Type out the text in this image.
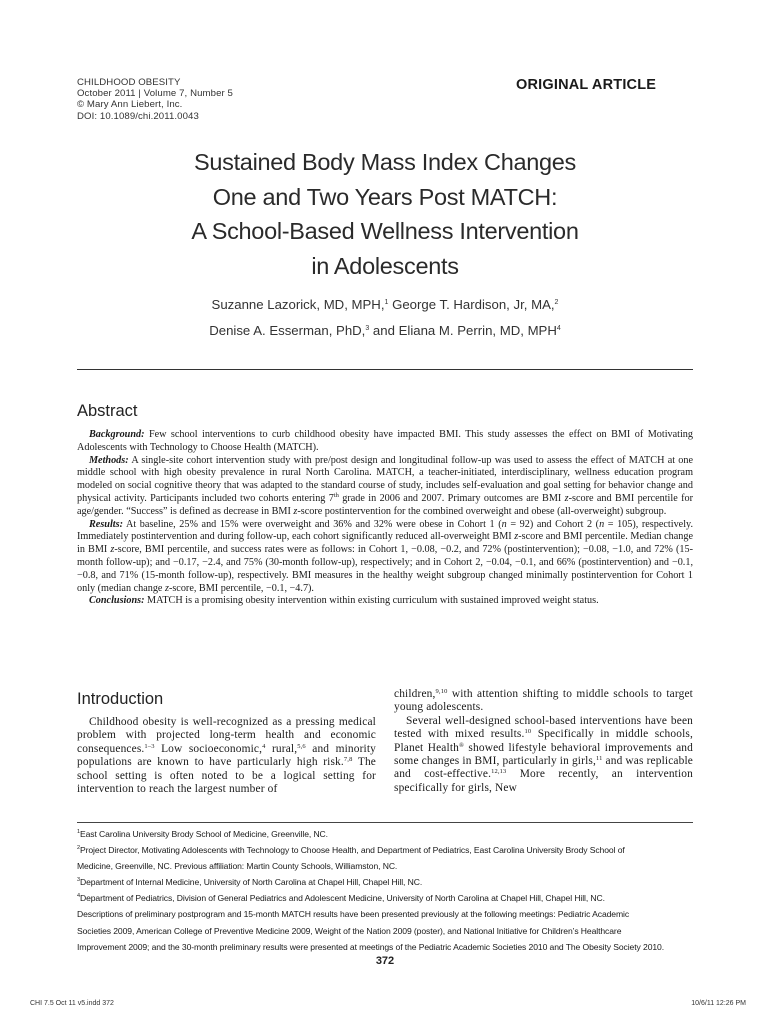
CHILDHOOD OBESITY
October 2011 | Volume 7, Number 5
© Mary Ann Liebert, Inc.
DOI: 10.1089/chi.2011.0043
ORIGINAL ARTICLE
Sustained Body Mass Index Changes
One and Two Years Post MATCH:
A School-Based Wellness Intervention
in Adolescents
Suzanne Lazorick, MD, MPH,$^1$ George T. Hardison, Jr, MA,$^2$
Denise A. Esserman, PhD,$^3$ and Eliana M. Perrin, MD, MPH$^4$
Abstract

Background: Few school interventions to curb childhood obesity have impacted BMI. This study assesses the effect on BMI of Motivating Adolescents with Technology to Choose Health (MATCH).

Methods: A single-site cohort intervention study with pre/post design and longitudinal follow-up was used to assess the effect of MATCH at one middle school with high obesity prevalence in rural North Carolina. MATCH, a teacher-initiated, interdisciplinary, wellness education program modeled on social cognitive theory that was adapted to the standard course of study, includes self-evaluation and goal setting for behavior change and physical activity. Participants included two cohorts entering 7th grade in 2006 and 2007. Primary outcomes are BMI z-score and BMI percentile for age/gender. “Success” is defined as decrease in BMI z-score postintervention for the combined overweight and obese (all-overweight) subgroup.

Results: At baseline, 25% and 15% were overweight and 36% and 32% were obese in Cohort 1 (n = 92) and Cohort 2 (n = 105), respectively. Immediately postintervention and during follow-up, each cohort significantly reduced all-overweight BMI z-score and BMI percentile. Median change in BMI z-score, BMI percentile, and success rates were as follows: in Cohort 1, −0.08, −0.2, and 72% (postintervention); −0.08, −1.0, and 72% (15-month follow-up); and −0.17, −2.4, and 75% (30-month follow-up), respectively; and in Cohort 2, −0.04, −0.1, and 66% (postintervention) and −0.1, −0.8, and 71% (15-month follow-up), respectively. BMI measures in the healthy weight subgroup changed minimally postintervention for Cohort 1 only (median change z-score, BMI percentile, −0.1, −4.7).

Conclusions: MATCH is a promising obesity intervention within existing curriculum with sustained improved weight status.

Introduction

Childhood obesity is well-recognized as a pressing medical problem with projected long-term health and economic consequences.$^{1-3}$ Low socioeconomic,$^4$ rural,$^{5,6}$ and minority populations are known to have particularly high risk.$^{7,8}$ The school setting is often noted to be a logical setting for intervention to reach the largest number of

children,$^{9,10}$ with attention shifting to middle schools to target young adolescents.

Several well-designed school-based interventions have been tested with mixed results.$^{10}$ Specifically in middle schools, Planet Health® showed lifestyle behavioral improvements and some changes in BMI, particularly in girls,$^{11}$ and was replicable and cost-effective.$^{12,13}$ More recently, an intervention specifically for girls, New

$^1$East Carolina University Brody School of Medicine, Greenville, NC.
$^2$Project Director, Motivating Adolescents with Technology to Choose Health, and Department of Pediatrics, East Carolina University Brody School of
Medicine, Greenville, NC. Previous affiliation: Martin County Schools, Williamston, NC.
$^3$Department of Internal Medicine, University of North Carolina at Chapel Hill, Chapel Hill, NC.
$^4$Department of Pediatrics, Division of General Pediatrics and Adolescent Medicine, University of North Carolina at Chapel Hill, Chapel Hill, NC.
Descriptions of preliminary postprogram and 15-month MATCH results have been presented previously at the following meetings: Pediatric Academic
Societies 2009, American College of Preventive Medicine 2009, Weight of the Nation 2009 (poster), and National Initiative for Children’s Healthcare
Improvement 2009; and the 30-month preliminary results were presented at meetings of the Pediatric Academic Societies 2010 and The Obesity Society 2010.
372
CHI 7.5 Oct 11 v5.indd 372	10/6/11 12:26 PM
